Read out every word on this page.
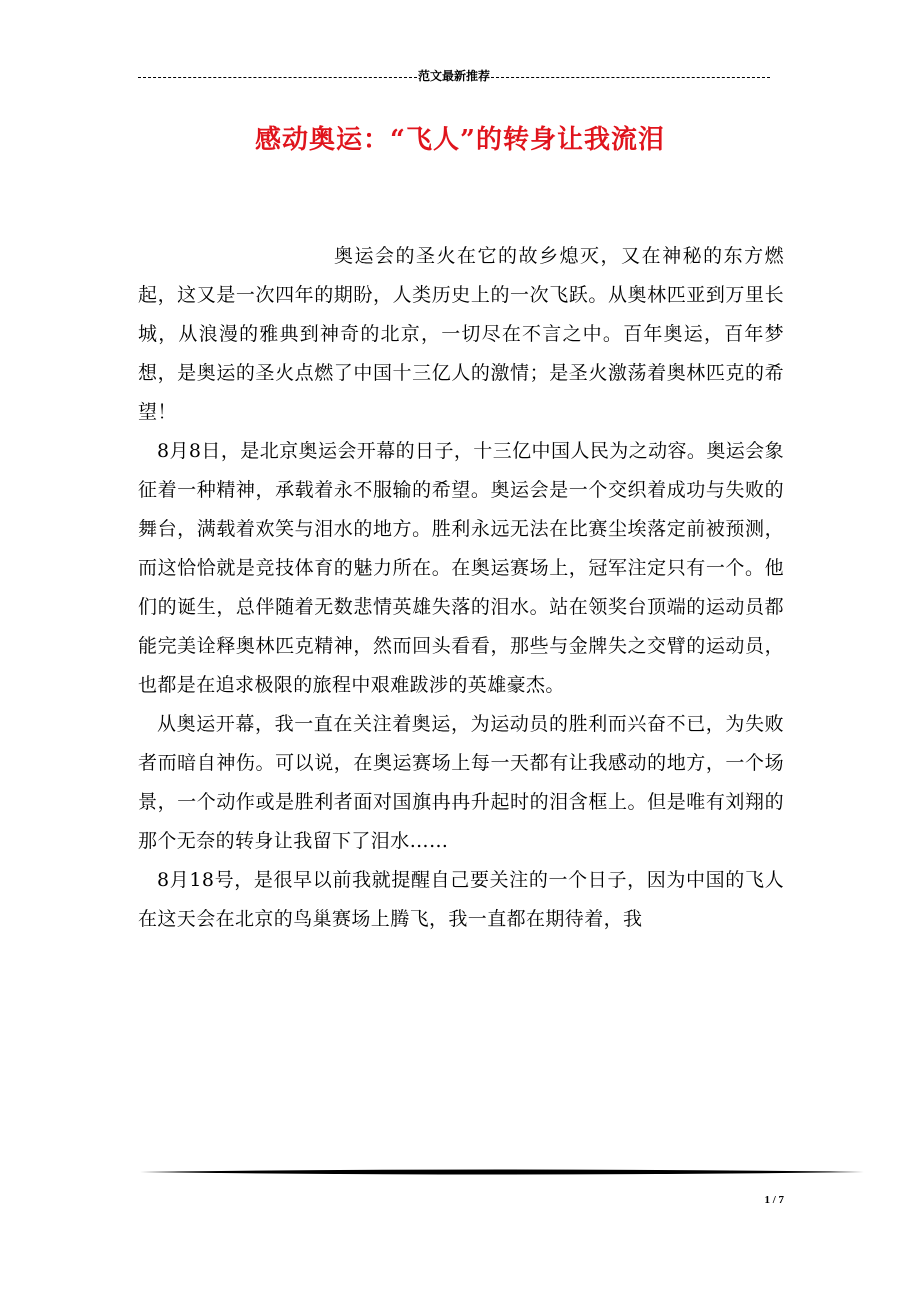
范文最新推荐
感动奥运：“飞人”的转身让我流泪

奥运会的圣火在它的故乡熄灭，又在神秘的东方燃起，这又是一次四年的期盼，人类历史上的一次飞跃。从奥林匹亚到万里长城，从浪漫的雅典到神奇的北京，一切尽在不言之中。百年奥运，百年梦想，是奥运的圣火点燃了中国十三亿人的激情；是圣火激荡着奥林匹克的希望！

8月8日，是北京奥运会开幕的日子，十三亿中国人民为之动容。奥运会象征着一种精神，承载着永不服输的希望。奥运会是一个交织着成功与失败的舞台，满载着欢笑与泪水的地方。胜利永远无法在比赛尘埃落定前被预测，而这恰恰就是竞技体育的魅力所在。在奥运赛场上，冠军注定只有一个。他们的诞生，总伴随着无数悲情英雄失落的泪水。站在领奖台顶端的运动员都能完美诠释奥林匹克精神，然而回头看看，那些与金牌失之交臂的运动员，也都是在追求极限的旅程中艰难跋涉的英雄豪杰。

从奥运开幕，我一直在关注着奥运，为运动员的胜利而兴奋不已，为失败者而暗自神伤。可以说，在奥运赛场上每一天都有让我感动的地方，一个场景，一个动作或是胜利者面对国旗冉冉升起时的泪含框上。但是唯有刘翔的那个无奈的转身让我留下了泪水……

8月18号，是很早以前我就提醒自己要关注的一个日子，因为中国的飞人在这天会在北京的鸟巢赛场上腾飞，我一直都在期待着，我

1 / 7
